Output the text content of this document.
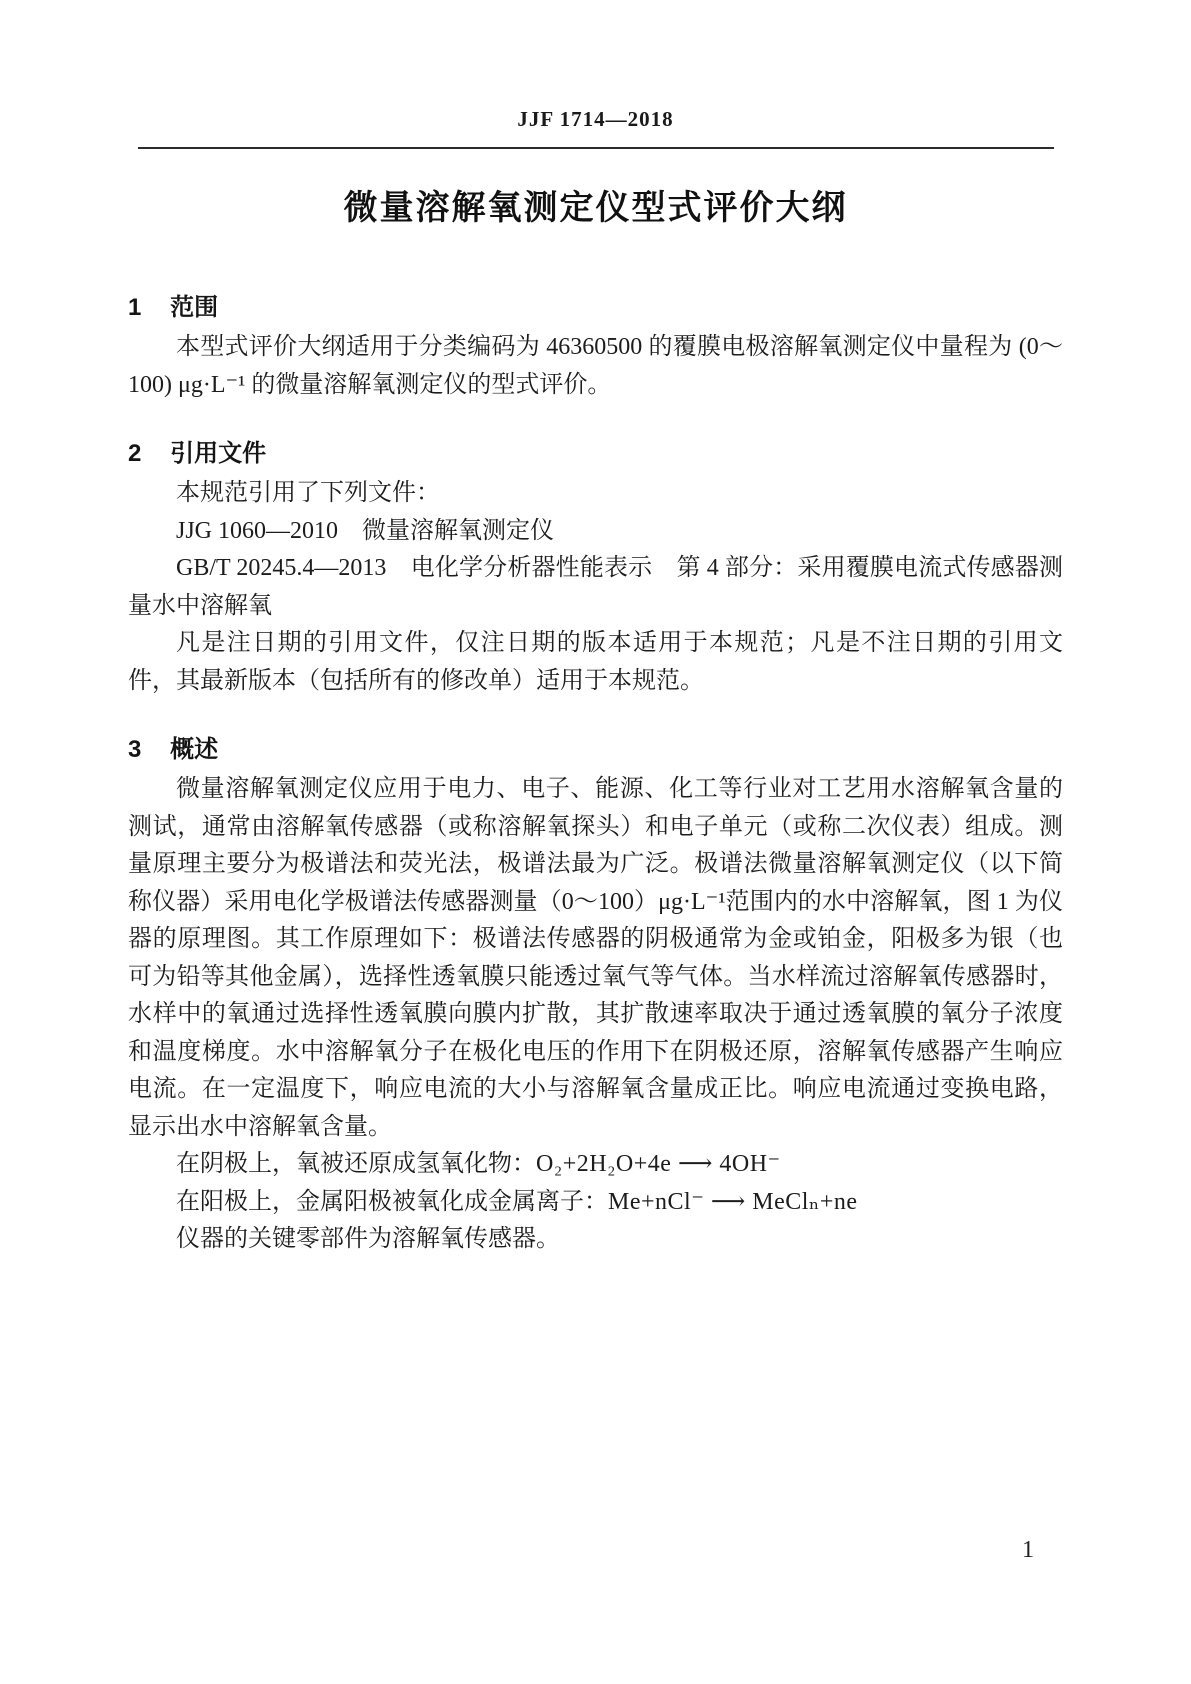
JJF 1714—2018
微量溶解氧测定仪型式评价大纲
1 范围

本型式评价大纲适用于分类编码为 46360500 的覆膜电极溶解氧测定仪中量程为 (0～100) μg·L⁻¹ 的微量溶解氧测定仪的型式评价。

2 引用文件

本规范引用了下列文件：

JJG 1060—2010　微量溶解氧测定仪

GB/T 20245.4—2013　电化学分析器性能表示　第 4 部分：采用覆膜电流式传感器测量水中溶解氧

凡是注日期的引用文件，仅注日期的版本适用于本规范；凡是不注日期的引用文件，其最新版本（包括所有的修改单）适用于本规范。

3 概述

微量溶解氧测定仪应用于电力、电子、能源、化工等行业对工艺用水溶解氧含量的测试，通常由溶解氧传感器（或称溶解氧探头）和电子单元（或称二次仪表）组成。测量原理主要分为极谱法和荧光法，极谱法最为广泛。极谱法微量溶解氧测定仪（以下简称仪器）采用电化学极谱法传感器测量（0～100）μg·L⁻¹范围内的水中溶解氧，图 1 为仪器的原理图。其工作原理如下：极谱法传感器的阴极通常为金或铂金，阳极多为银（也可为铅等其他金属），选择性透氧膜只能透过氧气等气体。当水样流过溶解氧传感器时，水样中的氧通过选择性透氧膜向膜内扩散，其扩散速率取决于通过透氧膜的氧分子浓度和温度梯度。水中溶解氧分子在极化电压的作用下在阴极还原，溶解氧传感器产生响应电流。在一定温度下，响应电流的大小与溶解氧含量成正比。响应电流通过变换电路，显示出水中溶解氧含量。

在阴极上，氧被还原成氢氧化物：O₂+2H₂O+4e ⟶ 4OH⁻

在阳极上，金属阳极被氧化成金属离子：Me+nCl⁻ ⟶ MeClₙ+ne

仪器的关键零部件为溶解氧传感器。

1
